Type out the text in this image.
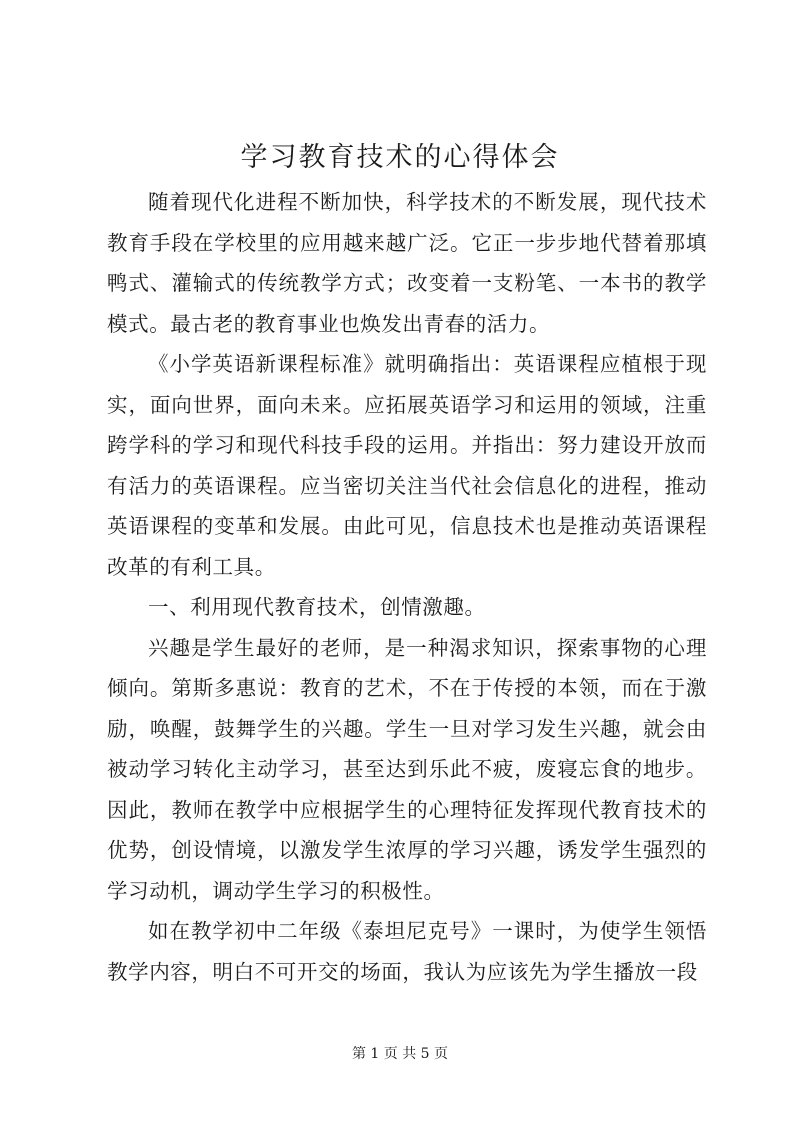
学习教育技术的心得体会

随着现代化进程不断加快，科学技术的不断发展，现代技术教育手段在学校里的应用越来越广泛。它正一步步地代替着那填鸭式、灌输式的传统教学方式；改变着一支粉笔、一本书的教学模式。最古老的教育事业也焕发出青春的活力。

《小学英语新课程标准》就明确指出：英语课程应植根于现实，面向世界，面向未来。应拓展英语学习和运用的领域，注重跨学科的学习和现代科技手段的运用。并指出：努力建设开放而有活力的英语课程。应当密切关注当代社会信息化的进程，推动英语课程的变革和发展。由此可见，信息技术也是推动英语课程改革的有利工具。

一、利用现代教育技术，创情激趣。

兴趣是学生最好的老师，是一种渴求知识，探索事物的心理倾向。第斯多惠说：教育的艺术，不在于传授的本领，而在于激励，唤醒，鼓舞学生的兴趣。学生一旦对学习发生兴趣，就会由被动学习转化主动学习，甚至达到乐此不疲，废寝忘食的地步。因此，教师在教学中应根据学生的心理特征发挥现代教育技术的优势，创设情境，以激发学生浓厚的学习兴趣，诱发学生强烈的学习动机，调动学生学习的积极性。

如在教学初中二年级《泰坦尼克号》一课时，为使学生领悟教学内容，明白不可开交的场面，我认为应该先为学生播放一段

第 1 页 共 5 页
